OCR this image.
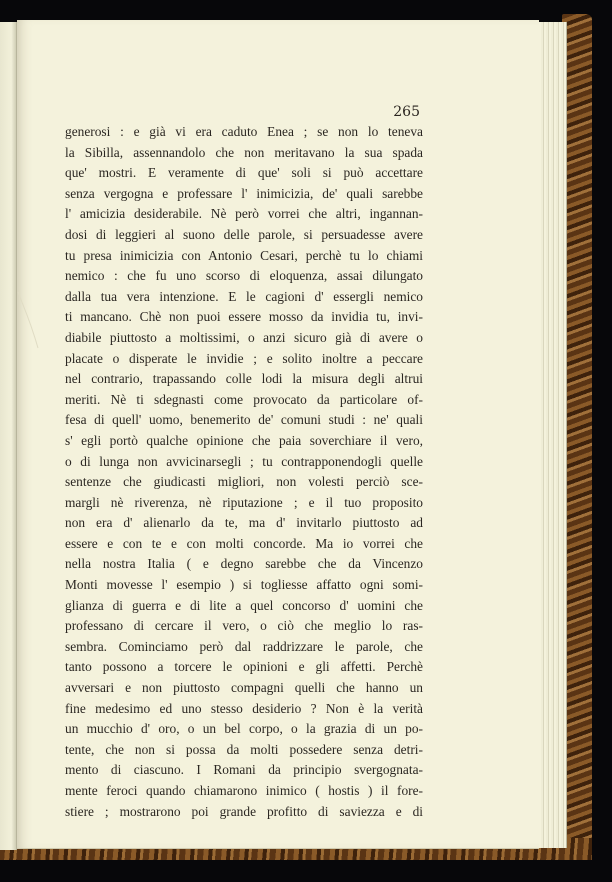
265
generosi : e già vi era caduto Enea ; se non lo teneva
la Sibilla, assennandolo che non meritavano la sua spada
que' mostri. E veramente di que' soli si può accettare
senza vergogna e professare l' inimicizia, de' quali sarebbe
l' amicizia desiderabile. Nè però vorrei che altri, ingannan-
dosi di leggieri al suono delle parole, si persuadesse avere
tu presa inimicizia con Antonio Cesari, perchè tu lo chiami
nemico : che fu uno scorso di eloquenza, assai dilungato
dalla tua vera intenzione. E le cagioni d' essergli nemico
ti mancano. Chè non puoi essere mosso da invidia tu, invi-
diabile piuttosto a moltissimi, o anzi sicuro già di avere o
placate o disperate le invidie ; e solito inoltre a peccare
nel contrario, trapassando colle lodi la misura degli altrui
meriti. Nè ti sdegnasti come provocato da particolare of-
fesa di quell' uomo, benemerito de' comuni studi : ne' quali
s' egli portò qualche opinione che paia soverchiare il vero,
o di lunga non avvicinarsegli ; tu contrapponendogli quelle
sentenze che giudicasti migliori, non volesti perciò sce-
margli nè riverenza, nè riputazione ; e il tuo proposito
non era d' alienarlo da te, ma d' invitarlo piuttosto ad
essere e con te e con molti concorde. Ma io vorrei che
nella nostra Italia ( e degno sarebbe che da Vincenzo
Monti movesse l' esempio ) si togliesse affatto ogni somi-
glianza di guerra e di lite a quel concorso d' uomini che
professano di cercare il vero, o ciò che meglio lo ras-
sembra. Cominciamo però dal raddrizzare le parole, che
tanto possono a torcere le opinioni e gli affetti. Perchè
avversari e non piuttosto compagni quelli che hanno un
fine medesimo ed uno stesso desiderio ? Non è la verità
un mucchio d' oro, o un bel corpo, o la grazia di un po-
tente, che non si possa da molti possedere senza detri-
mento di ciascuno. I Romani da principio svergognata-
mente feroci quando chiamarono inimico ( hostis ) il fore-
stiere ; mostrarono poi grande profitto di saviezza e di
